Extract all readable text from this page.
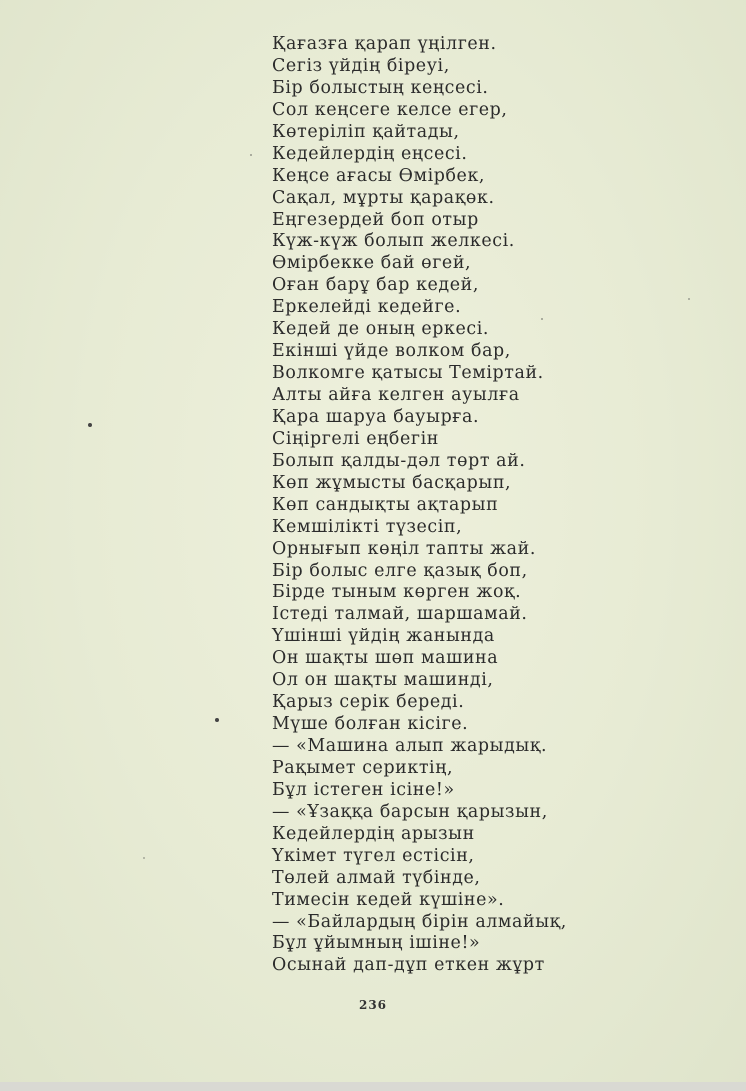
Қағазға қарап үңілген.
Сегіз үйдің біреуі,
Бір болыстың кеңсесі.
Сол кеңсеге келсе егер,
Көтеріліп қайтады,
Кедейлердің еңсесі.
Кеңсе ағасы Өмірбек,
Сақал, мұрты қарақөк.
Еңгезердей боп отыр
Күж-күж болып желкесі.
Өмірбекке бай өгей,
Оған барұ бар кедей,
Еркелейді кедейге.
Кедей де оның еркесі.
Екінші үйде волком бар,
Волкомге қатысы Теміртай.
Алты айға келген ауылға
Қара шаруа бауырға.
Сіңіргелі еңбегін
Болып қалды-дәл төрт ай.
Көп жұмысты басқарып,
Көп сандықты ақтарып
Кемшілікті түзесіп,
Орнығып көңіл тапты жай.
Бір болыс елге қазық боп,
Бірде тыным көрген жоқ.
Істеді талмай, шаршамай.
Үшінші үйдің жанында
Он шақты шөп машина
Ол он шақты машинді,
Қарыз серік береді.
Мүше болған кісіге.
— «Машина алып жарыдық.
Рақымет сериктің,
Бұл істеген ісіне!»
— «Ұзаққа барсын қарызын,
Кедейлердің арызын
Үкімет түгел естісін,
Төлей алмай түбінде,
Тимесін кедей күшіне».
— «Байлардың бірін алмайық,
Бұл ұйымның ішіне!»
Осынай дап-дұп еткен жұрт
236
